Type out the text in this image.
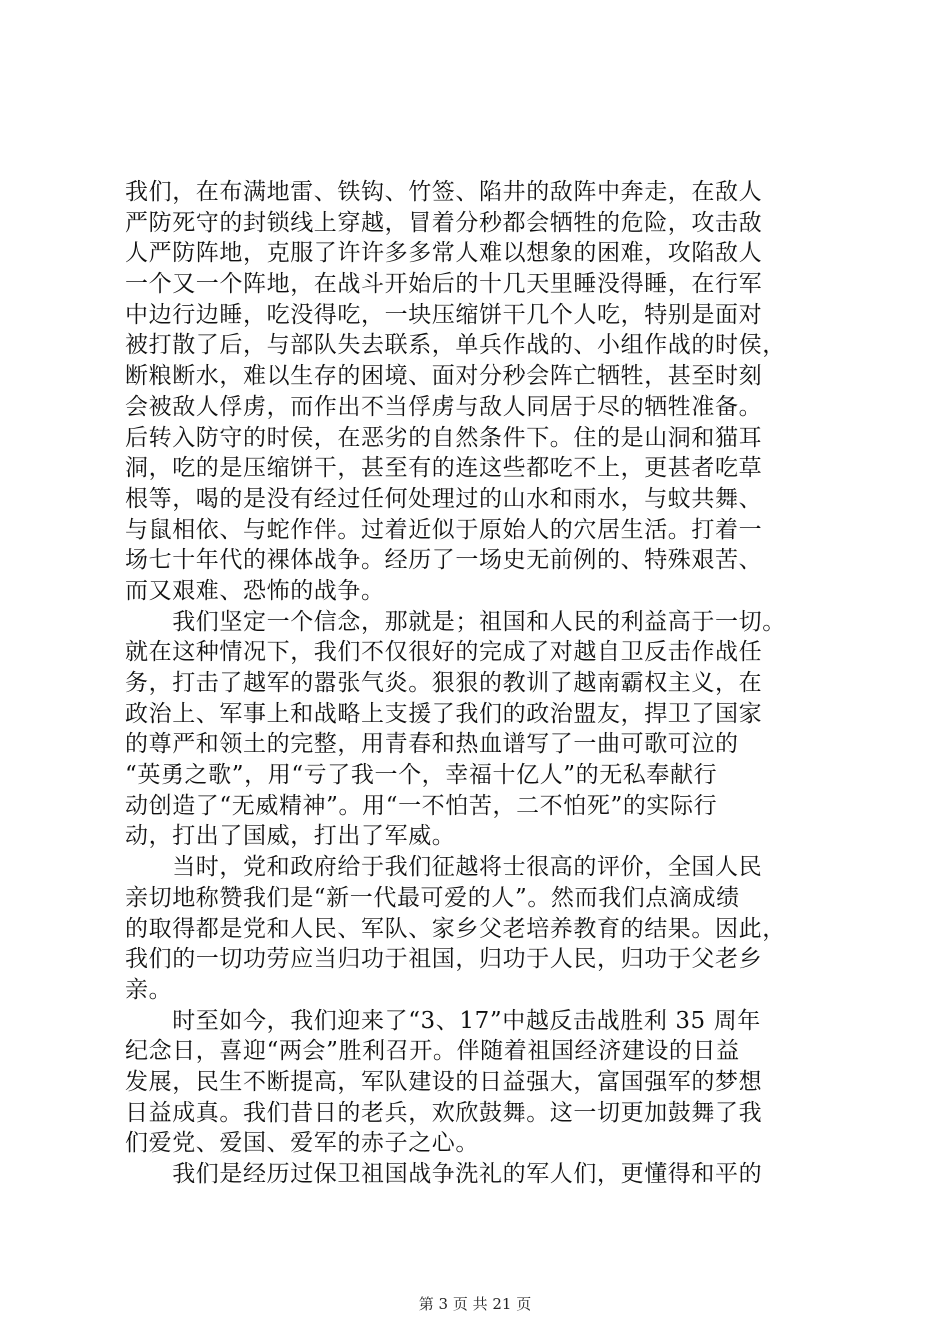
我们，在布满地雷、铁钩、竹签、陷井的敌阵中奔走，在敌人
严防死守的封锁线上穿越，冒着分秒都会牺牲的危险，攻击敌
人严防阵地，克服了许许多多常人难以想象的困难，攻陷敌人
一个又一个阵地，在战斗开始后的十几天里睡没得睡，在行军
中边行边睡，吃没得吃，一块压缩饼干几个人吃，特别是面对
被打散了后，与部队失去联系，单兵作战的、小组作战的时侯，
断粮断水，难以生存的困境、面对分秒会阵亡牺牲，甚至时刻
会被敌人俘虏，而作出不当俘虏与敌人同居于尽的牺牲准备。
后转入防守的时侯，在恶劣的自然条件下。住的是山洞和猫耳
洞，吃的是压缩饼干，甚至有的连这些都吃不上，更甚者吃草
根等，喝的是没有经过任何处理过的山水和雨水，与蚊共舞、
与鼠相依、与蛇作伴。过着近似于原始人的穴居生活。打着一
场七十年代的裸体战争。经历了一场史无前例的、特殊艰苦、
而又艰难、恐怖的战争。
　　我们坚定一个信念，那就是；祖国和人民的利益高于一切。
就在这种情况下，我们不仅很好的完成了对越自卫反击作战任
务，打击了越军的嚣张气炎。狠狠的教训了越南霸权主义，在
政治上、军事上和战略上支援了我们的政治盟友，捍卫了国家
的尊严和领土的完整，用青春和热血谱写了一曲可歌可泣的
“英勇之歌”，用“亏了我一个，幸福十亿人”的无私奉献行
动创造了“无威精神”。用“一不怕苦，二不怕死”的实际行
动，打出了国威，打出了军威。
　　当时，党和政府给于我们征越将士很高的评价，全国人民
亲切地称赞我们是“新一代最可爱的人”。然而我们点滴成绩
的取得都是党和人民、军队、家乡父老培养教育的结果。因此，
我们的一切功劳应当归功于祖国，归功于人民，归功于父老乡
亲。
　　时至如今，我们迎来了“3、17”中越反击战胜利 35 周年
纪念日，喜迎“两会”胜利召开。伴随着祖国经济建设的日益
发展，民生不断提高，军队建设的日益强大，富国强军的梦想
日益成真。我们昔日的老兵，欢欣鼓舞。这一切更加鼓舞了我
们爱党、爱国、爱军的赤子之心。
　　我们是经历过保卫祖国战争洗礼的军人们，更懂得和平的
第 3 页 共 21 页
